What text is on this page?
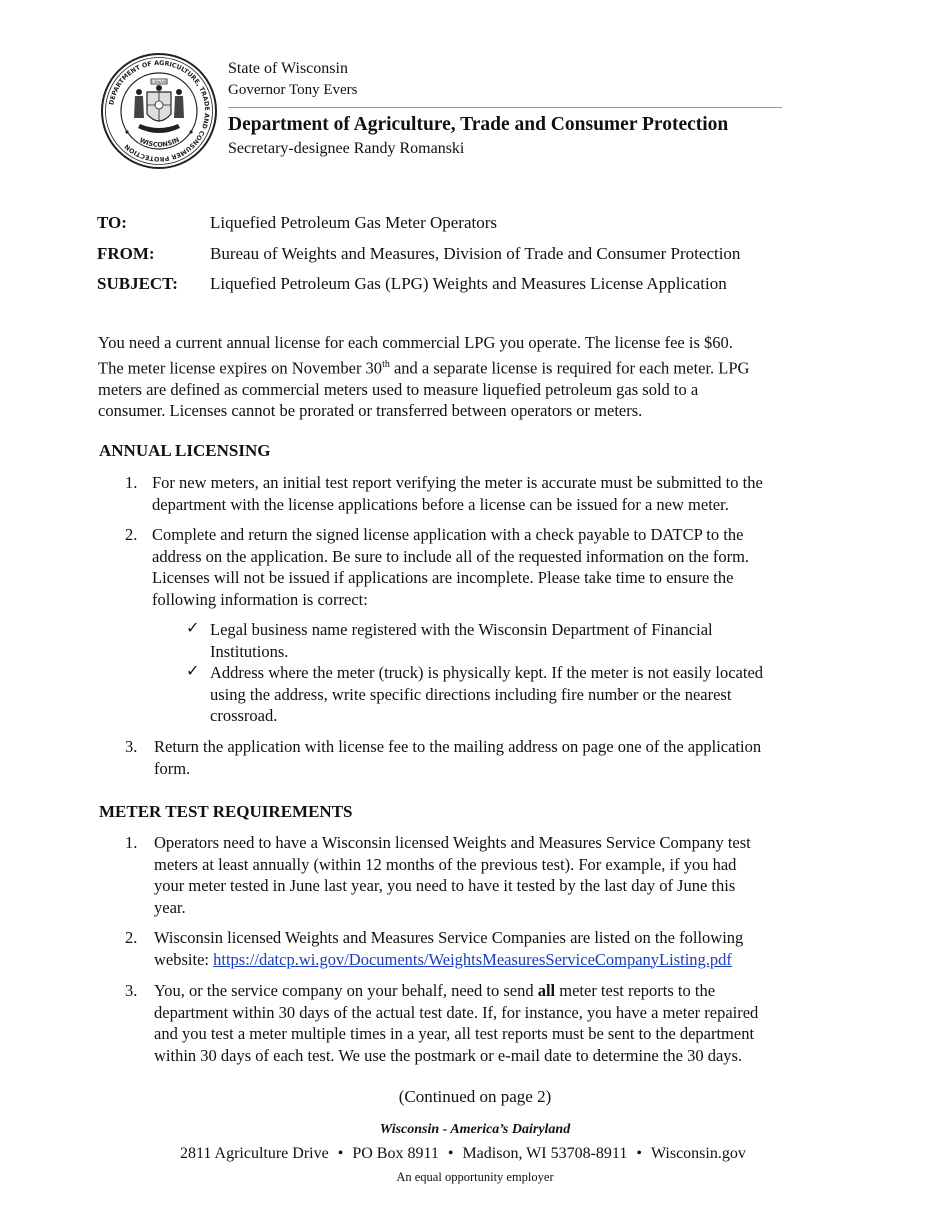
DEPARTMENT OF AGRICULTURE, TRADE AND CONSUMER PROTECTION
WISCONSIN
FORWARD
State of Wisconsin
Governor Tony Evers
Department of Agriculture, Trade and Consumer Protection
Secretary-designee Randy Romanski
TO:	Liquefied Petroleum Gas Meter Operators
FROM:	Bureau of Weights and Measures, Division of Trade and Consumer Protection
SUBJECT: Liquefied Petroleum Gas (LPG) Weights and Measures License Application
You need a current annual license for each commercial LPG you operate. The license fee is $60.
The meter license expires on November 30th and a separate license is required for each meter. LPG
meters are defined as commercial meters used to measure liquefied petroleum gas sold to a
consumer. Licenses cannot be prorated or transferred between operators or meters.
ANNUAL LICENSING
1. For new meters, an initial test report verifying the meter is accurate must be submitted to the
department with the license applications before a license can be issued for a new meter.
2. Complete and return the signed license application with a check payable to DATCP to the
address on the application. Be sure to include all of the requested information on the form.
Licenses will not be issued if applications are incomplete. Please take time to ensure the
following information is correct:
✓ Legal business name registered with the Wisconsin Department of Financial
Institutions.
✓ Address where the meter (truck) is physically kept. If the meter is not easily located
using the address, write specific directions including fire number or the nearest
crossroad.
3. Return the application with license fee to the mailing address on page one of the application
form.
METER TEST REQUIREMENTS
1. Operators need to have a Wisconsin licensed Weights and Measures Service Company test
meters at least annually (within 12 months of the previous test). For example, if you had
your meter tested in June last year, you need to have it tested by the last day of June this
year.
2. Wisconsin licensed Weights and Measures Service Companies are listed on the following
website: https://datcp.wi.gov/Documents/WeightsMeasuresServiceCompanyListing.pdf
3. You, or the service company on your behalf, need to send all meter test reports to the
department within 30 days of the actual test date. If, for instance, you have a meter repaired
and you test a meter multiple times in a year, all test reports must be sent to the department
within 30 days of each test. We use the postmark or e-mail date to determine the 30 days.
(Continued on page 2)
Wisconsin - America’s Dairyland
2811 Agriculture Drive • PO Box 8911 • Madison, WI 53708-8911 • Wisconsin.gov
An equal opportunity employer
